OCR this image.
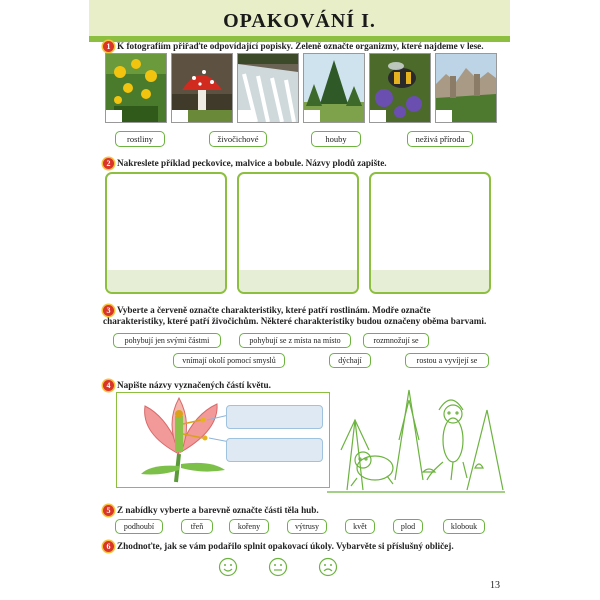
OPAKOVÁNÍ I.
1 K fotografiím přiřaďte odpovídající popisky. Zeleně označte organizmy, které najdeme v lese.
rostliny	živočichové	houby	neživá příroda
2 Nakreslete příklad peckovice, malvice a bobule. Názvy plodů zapište.
3 Vyberte a červeně označte charakteristiky, které patří rostlinám. Modře označte charakteristiky, které patří živočichům. Některé charakteristiky budou označeny oběma barvami.
pohybují jen svými částmi	pohybují se z místa na místo	rozmnožují se
vnímají okolí pomocí smyslů	dýchají	rostou a vyvíjejí se
4 Napište názvy vyznačených částí květu.
5 Z nabídky vyberte a barevně označte části těla hub.
podhoubí	třeň	kořeny	výtrusy	květ	plod	klobouk
6 Zhodnoťte, jak se vám podařilo splnit opakovací úkoly. Vybarvěte si příslušný obličej.
13
